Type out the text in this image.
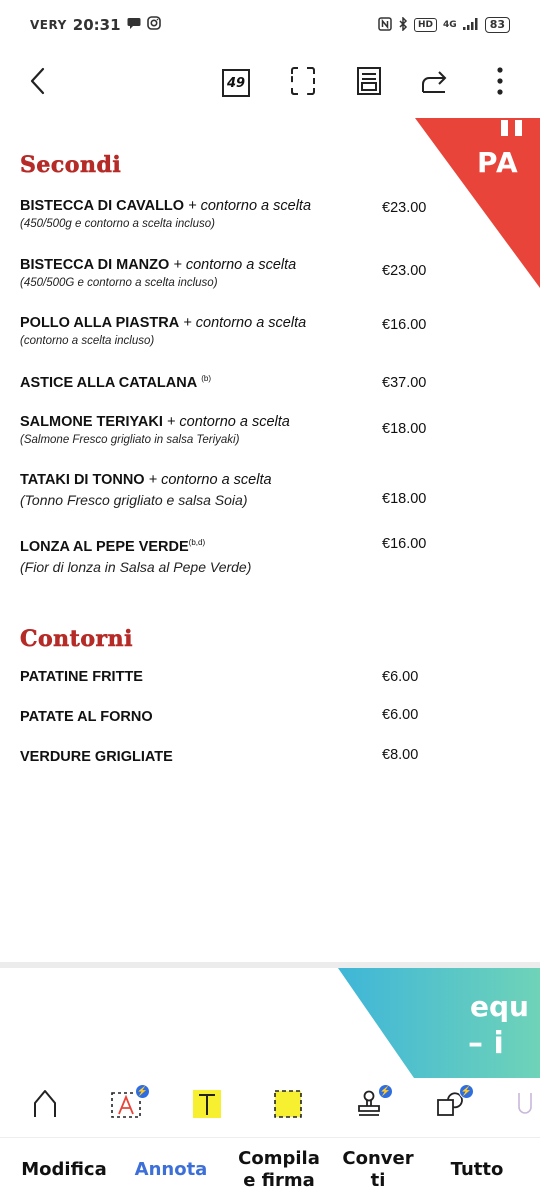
VERY 20:31	HD	4G	83
49
PA
Secondi
BISTECCA DI CAVALLO + contorno a scelta
(450/500g e contorno a scelta incluso)
€23.00
BISTECCA DI MANZO + contorno a scelta
(450/500G e contorno a scelta incluso)
€23.00
POLLO ALLA PIASTRA + contorno a scelta
(contorno a scelta incluso)
€16.00
ASTICE ALLA CATALANA $^{(b)}$	€37.00
SALMONE TERIYAKI + contorno a scelta
(Salmone Fresco grigliato in salsa Teriyaki)
€18.00
TATAKI DI TONNO + contorno a scelta
(Tonno Fresco grigliato e salsa Soia)	€18.00
LONZA AL PEPE VERDE$^{(b,d)}$
(Fior di lonza in Salsa al Pepe Verde)
€16.00
Contorni
PATATINE FRITTE	€6.00
PATATE AL FORNO	€6.00
VERDURE GRIGLIATE	€8.00
equ
– i
⚡	⚡	⚡
Modifica Annota
Compila
e firma
Conver
ti
Tutto
